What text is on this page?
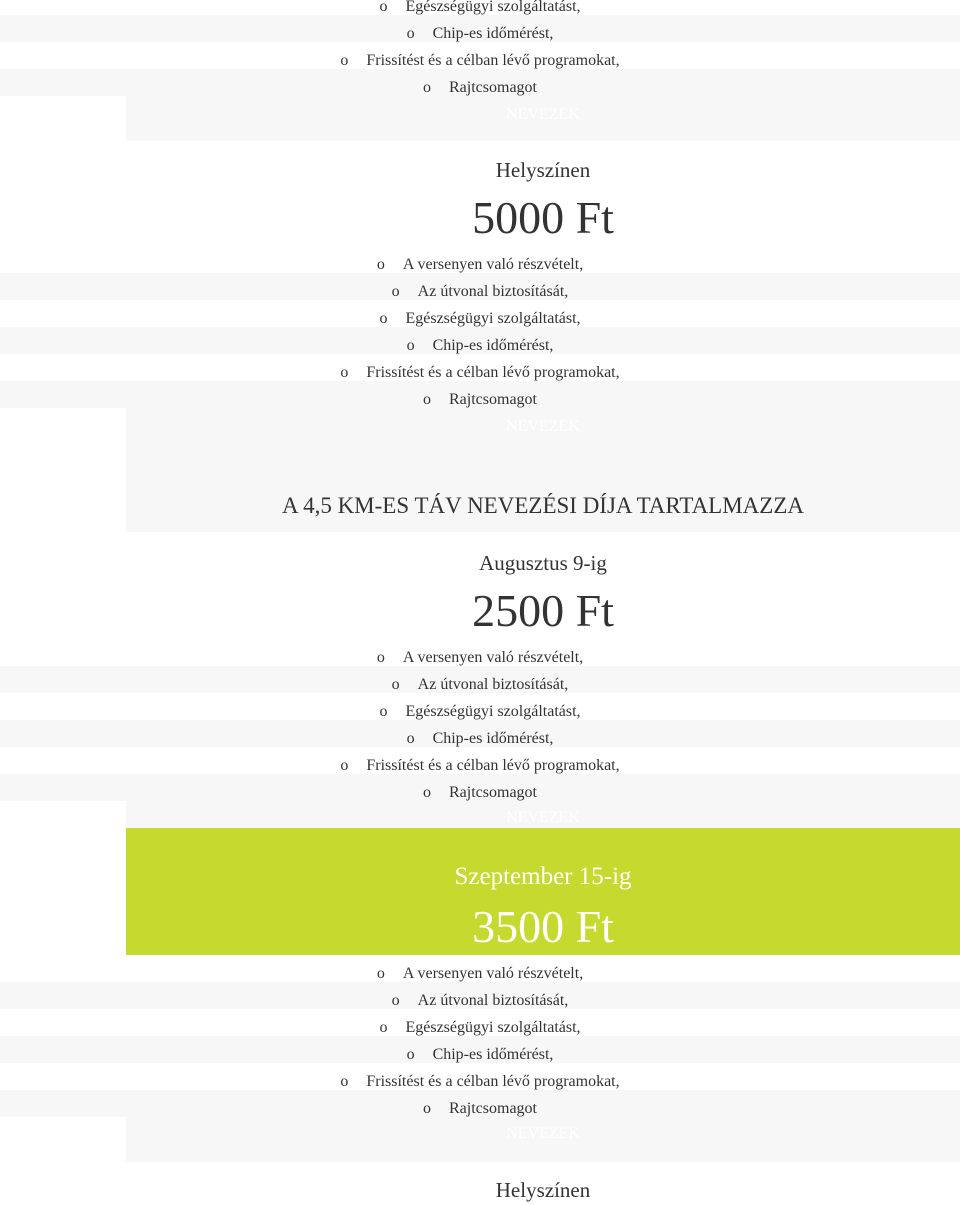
o Egészségügyi szolgáltatást,
o Chip-es időmérést,
o Frissítést és a célban lévő programokat,
o Rajtcsomagot
NEVEZEK
Helyszínen
5000 Ft
o A versenyen való részvételt,
o Az útvonal biztosítását,
o Egészségügyi szolgáltatást,
o Chip-es időmérést,
o Frissítést és a célban lévő programokat,
o Rajtcsomagot
NEVEZEK
A 4,5 KM-ES TÁV NEVEZÉSI DÍJA TARTALMAZZA
Augusztus 9-ig
2500 Ft
o A versenyen való részvételt,
o Az útvonal biztosítását,
o Egészségügyi szolgáltatást,
o Chip-es időmérést,
o Frissítést és a célban lévő programokat,
o Rajtcsomagot
NEVEZEK
Szeptember 15-ig
3500 Ft
o A versenyen való részvételt,
o Az útvonal biztosítását,
o Egészségügyi szolgáltatást,
o Chip-es időmérést,
o Frissítést és a célban lévő programokat,
o Rajtcsomagot
NEVEZEK
Helyszínen
